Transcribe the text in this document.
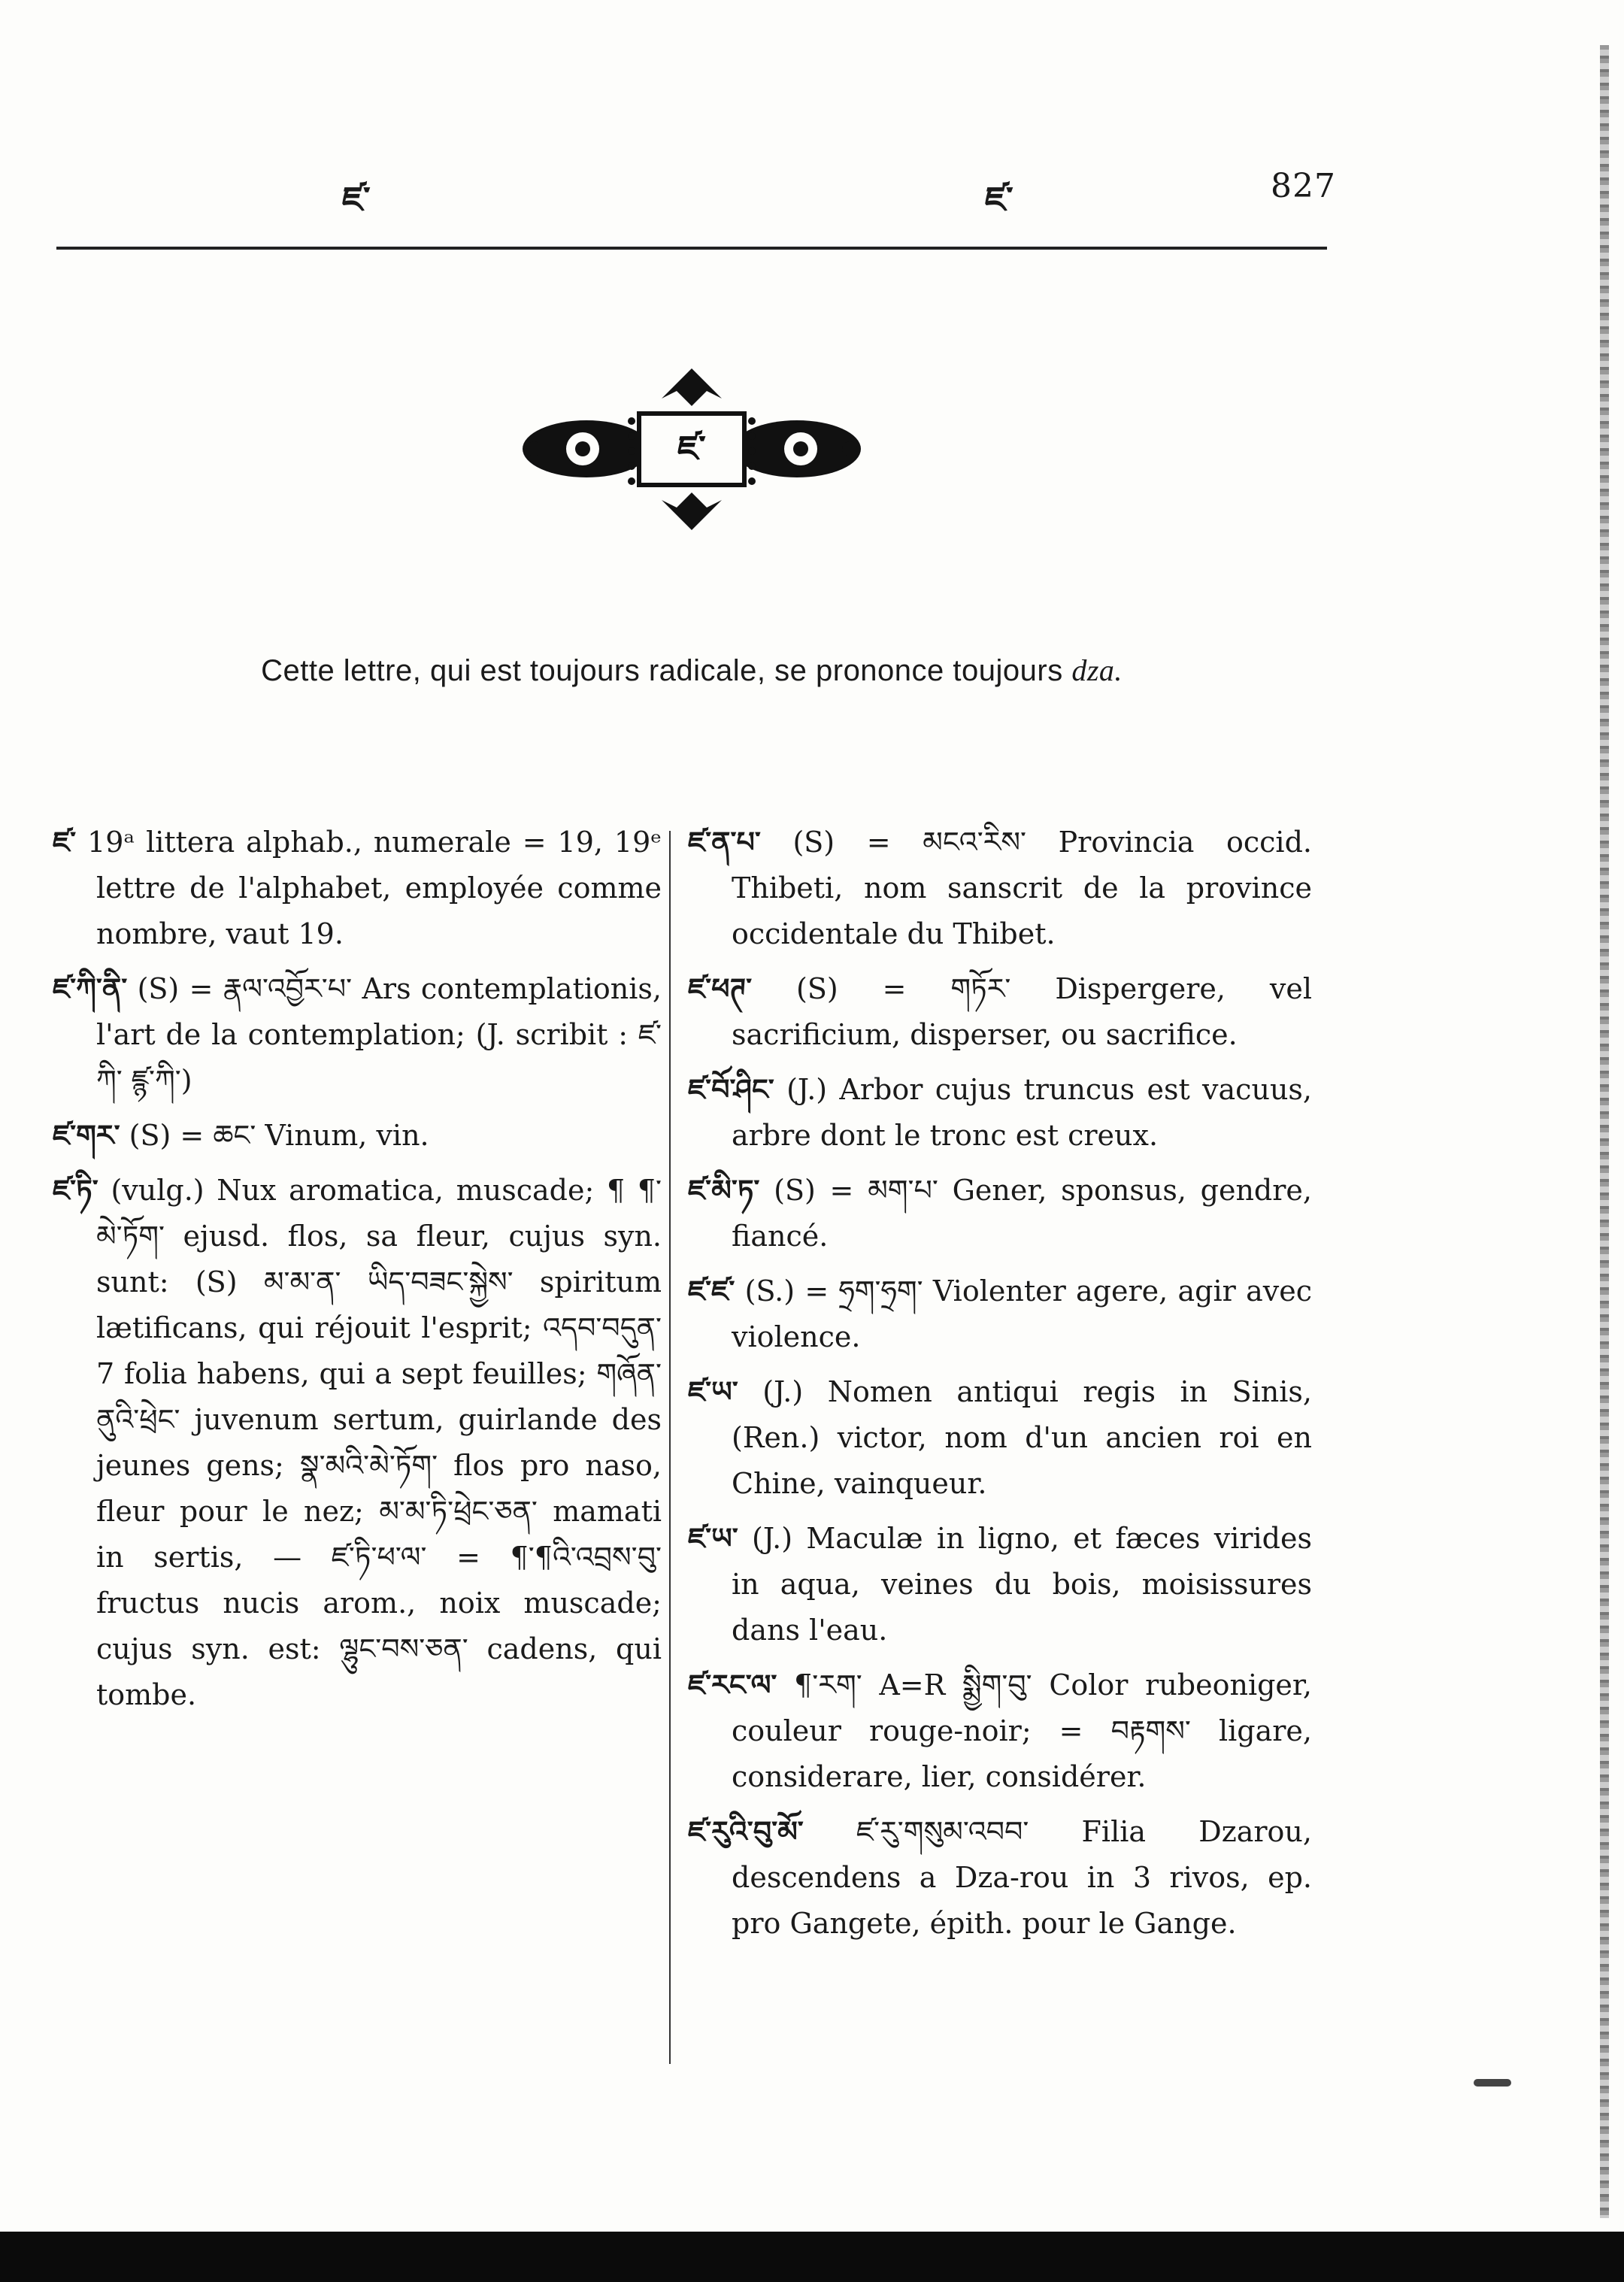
ཛ་	ཛ་	827
ཛ་
Cette lettre, qui est toujours radicale, se prononce toujours dza.
ཛ་ 19ᵃ littera alphab., numerale = 19, 19ᵉ lettre de l'alphabet, employée comme nombre, vaut 19.
ཛ་ཀི་ནི་ (S) = རྣལ་འབྱོར་པ་ Ars contemplationis, l'art de la contemplation; (J. scribit : ཛ་ཀི་ ཛྙ་ཀི་)
ཛ་གར་ (S) = ཆང་ Vinum, vin.
ཛ་ཏི་ (vulg.) Nux aromatica, muscade; ¶ ¶་མེ་ཏོག་ ejusd. flos, sa fleur, cujus syn. sunt: (S) མ་མ་ན་ ཡིད་བཟང་སྐྱེས་ spiritum lætificans, qui réjouit l'esprit; འདབ་བདུན་ 7 folia habens, qui a sept feuilles; གཞོན་ནུའི་ཕྲེང་ juvenum sertum, guirlande des jeunes gens; སྣ་མའི་མེ་ཏོག་ flos pro naso, fleur pour le nez; མ་མ་ཏི་ཕྲེང་ཅན་ mamati in sertis, — ཛ་ཏི་ཕ་ལ་ = ¶་¶འི་འབྲས་བུ་ fructus nucis arom., noix muscade; cujus syn. est: ལྷུང་བས་ཅན་ cadens, qui tombe.
ཛ་ན་པ་ (S) = མངའ་རིས་ Provincia occid. Thibeti, nom sanscrit de la province occidentale du Thibet.
ཛ་ཕཊ་ (S) = གཏོར་ Dispergere, vel sacrificium, disperser, ou sacrifice.
ཛ་བོ་ཤིང་ (J.) Arbor cujus truncus est vacuus, arbre dont le tronc est creux.
ཛ་མི་ཏ་ (S) = མག་པ་ Gener, sponsus, gendre, fiancé.
ཛ་ཛ་ (S.) = ཧྲག་ཧྲག་ Violenter agere, agir avec violence.
ཛ་ཡ་ (J.) Nomen antiqui regis in Sinis, (Ren.) victor, nom d'un ancien roi en Chine, vainqueur.
ཛ་ཡ་ (J.) Maculæ in ligno, et fæces virides in aqua, veines du bois, moisissures dans l'eau.
ཛ་རང་ལ་ ¶་རག་ A=R སྨྱིག་བུ་ Color rubeoniger, couleur rouge-noir; = བརྟགས་ ligare, considerare, lier, considérer.
ཛ་རུའི་བུ་མོ་ ཛ་རུ་གསུམ་འབབ་ Filia Dzarou, descendens a Dza-rou in 3 rivos, ep. pro Gangete, épith. pour le Gange.
